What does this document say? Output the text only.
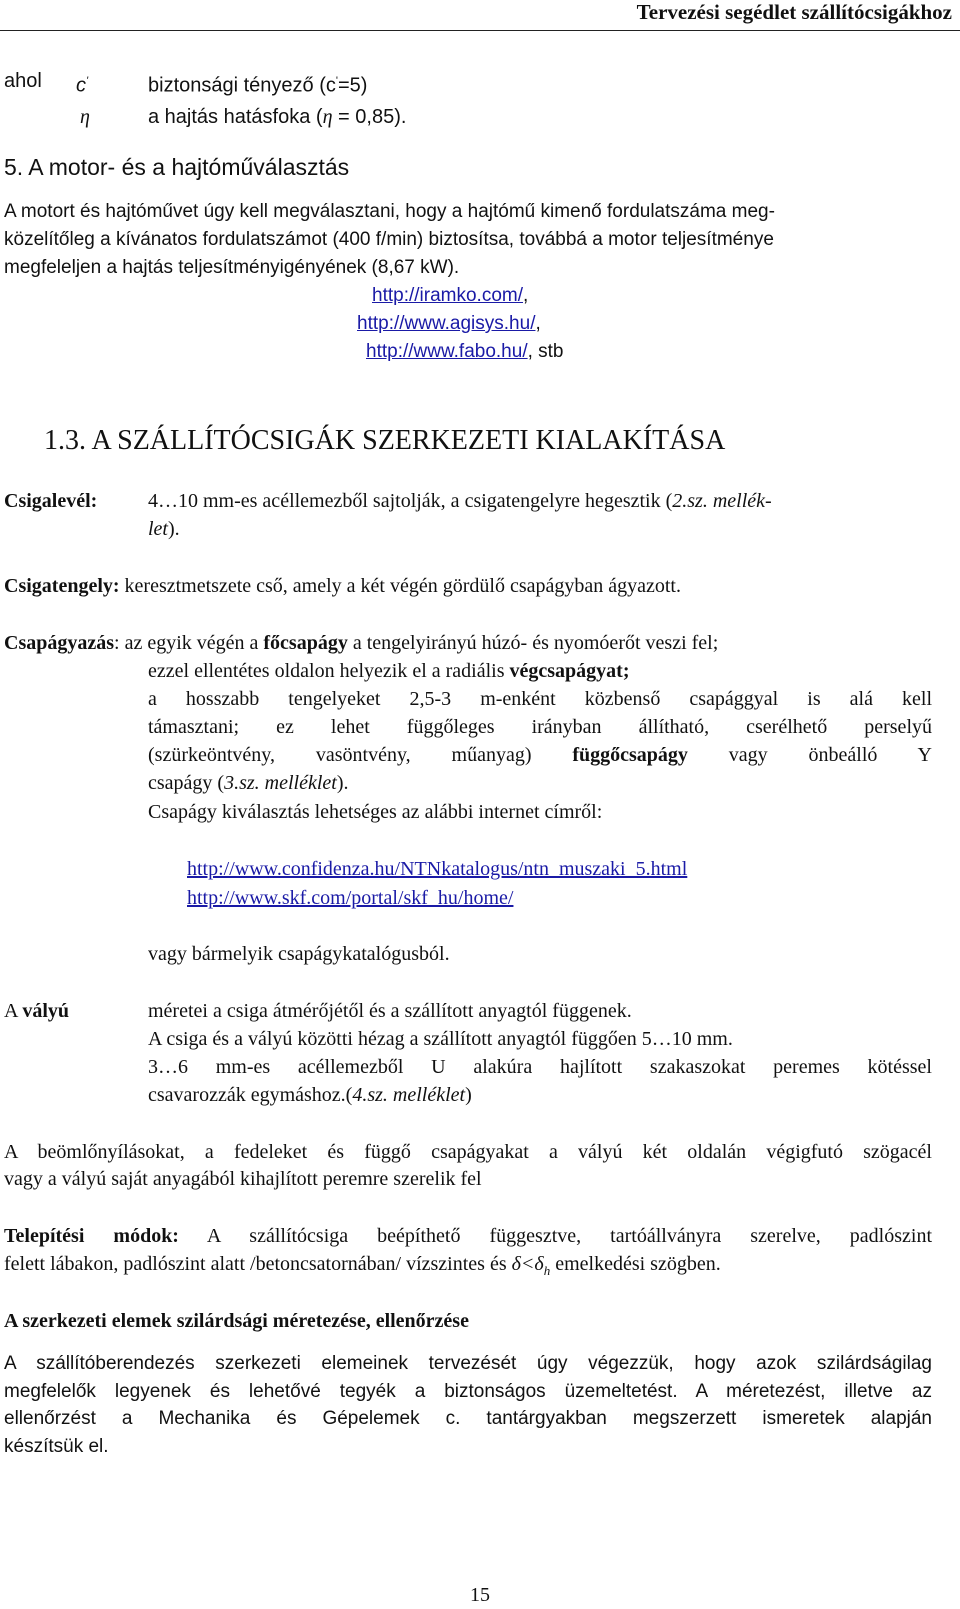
Tervezési segédlet szállítócsigákhoz
ahol c'	biztonsági tényező (c'=5)
η	a hajtás hatásfoka (η = 0,85).
5. A motor- és a hajtóműválasztás
A motort és hajtóművet úgy kell megválasztani, hogy a hajtómű kimenő fordulatszáma meg-
közelítőleg a kívánatos fordulatszámot (400 f/min) biztosítsa, továbbá a motor teljesítménye
megfeleljen a hajtás teljesítményigényének (8,67 kW).
http://iramko.com/,
http://www.agisys.hu/,
http://www.fabo.hu/, stb
1.3. A SZÁLLÍTÓCSIGÁK SZERKEZETI KIALAKÍTÁSA
Csigalevél:	4…10 mm-es acéllemezből sajtolják, a csigatengelyre hegesztik (2.sz. mellék-
let).
Csigatengely: keresztmetszete cső, amely a két végén gördülő csapágyban ágyazott.
Csapágyazás: az egyik végén a főcsapágy a tengelyirányú húzó- és nyomóerőt veszi fel;
ezzel ellentétes oldalon helyezik el a radiális végcsapágyat;
a hosszabb tengelyeket 2,5-3 m-enként közbenső csapággyal is alá kell
támasztani; ez lehet függőleges irányban állítható, cserélhető perselyű
(szürkeöntvény, vasöntvény, műanyag) függőcsapágy vagy önbeálló Y
csapágy (3.sz. melléklet).
Csapágy kiválasztás lehetséges az alábbi internet címről:
http://www.confidenza.hu/NTNkatalogus/ntn_muszaki_5.html
http://www.skf.com/portal/skf_hu/home/
vagy bármelyik csapágykatalógusból.
A vályú	méretei a csiga átmérőjétől és a szállított anyagtól függenek.
A csiga és a vályú közötti hézag a szállított anyagtól függően 5…10 mm.
3…6 mm-es acéllemezből U alakúra hajlított szakaszokat peremes kötéssel
csavarozzák egymáshoz.(4.sz. melléklet)
A beömlőnyílásokat, a fedeleket és függő csapágyakat a vályú két oldalán végigfutó szögacél
vagy a vályú saját anyagából kihajlított peremre szerelik fel
Telepítési módok: A szállítócsiga beépíthető függesztve, tartóállványra szerelve, padlószint
felett lábakon, padlószint alatt /betoncsatornában/ vízszintes és $\delta<\delta_h$ emelkedési szögben.
A szerkezeti elemek szilárdsági méretezése, ellenőrzése
A szállítóberendezés szerkezeti elemeinek tervezését úgy végezzük, hogy azok szilárdságilag
megfelelők legyenek és lehetővé tegyék a biztonságos üzemeltetést. A méretezést, illetve az
ellenőrzést a Mechanika és Gépelemek c. tantárgyakban megszerzett ismeretek alapján
készítsük el.
15
